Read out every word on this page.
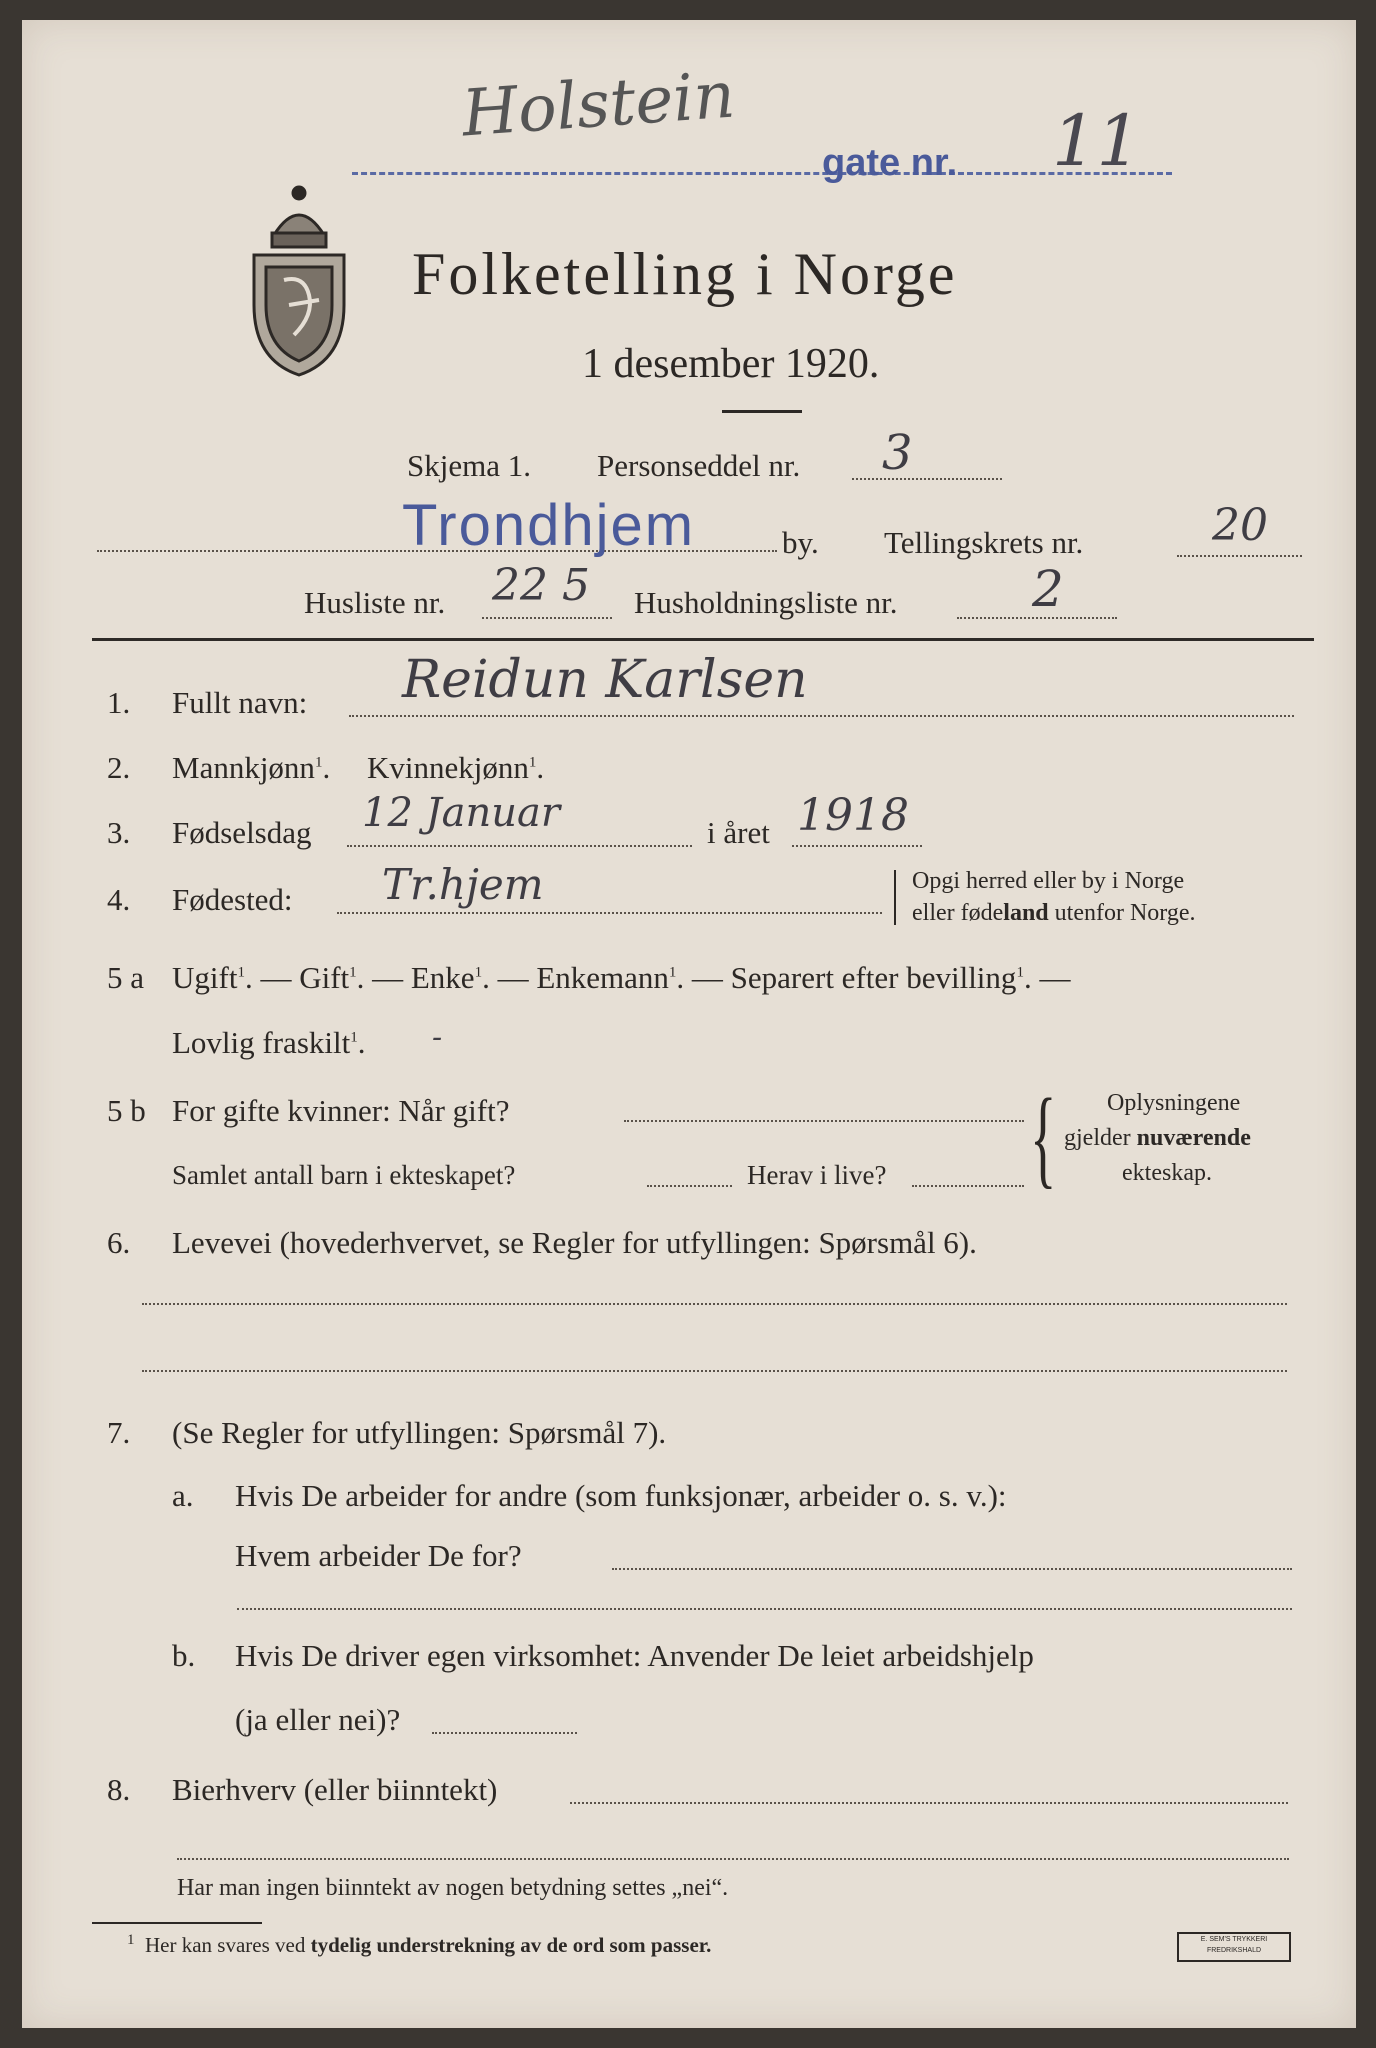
Holstein
gate nr. 11
Folketelling i Norge
1 desember 1920.
Skjema 1. Personseddel nr. 3
Trondhjem	by. Tellingskrets nr.	20
Husliste nr. 22 5 Husholdningsliste nr.	2
1. Fullt navn: Reidun Karlsen
2. Mannkjønn$^1$. Kvinnekjønn$^1$.
3. Fødselsdag 12 Januar	i året 1918
4. Fødested: Tr.hjem	Opgi herred eller by i Norge
eller fødeland utenfor Norge.
5 a Ugift$^1$. — Gift$^1$. — Enke$^1$. — Enkemann$^1$. — Separert efter bevilling$^1$. —
Lovlig fraskilt$^1$. -
5 b For gifte kvinner: Når gift?
Samlet antall barn i ekteskapet?	Herav i live? { Oplysningene
gjelder nuværende
ekteskap.
6. Levevei (hovederhvervet, se Regler for utfyllingen: Spørsmål 6).
7. (Se Regler for utfyllingen: Spørsmål 7).
a. Hvis De arbeider for andre (som funksjonær, arbeider o. s. v.):
Hvem arbeider De for?
b. Hvis De driver egen virksomhet: Anvender De leiet arbeidshjelp
(ja eller nei)?
8. Bierhverv (eller biinntekt)
Har man ingen biinntekt av nogen betydning settes „nei“.
$^1$ Her kan svares ved tydelig understrekning av de ord som passer.	E. SEM'S TRYKKERI
FREDRIKSHALD
